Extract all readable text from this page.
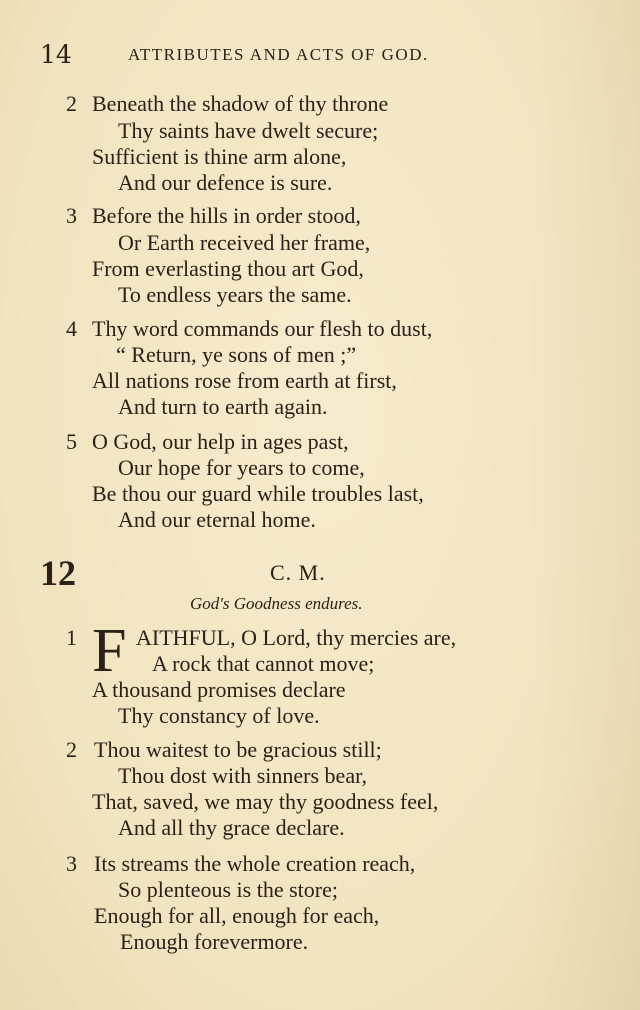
14	ATTRIBUTES AND ACTS OF GOD.
2 Beneath the shadow of thy throne
Thy saints have dwelt secure;
Sufficient is thine arm alone,
And our defence is sure.
3 Before the hills in order stood,
Or Earth received her frame,
From everlasting thou art God,
To endless years the same.
4 Thy word commands our flesh to dust,
“ Return, ye sons of men ;”
All nations rose from earth at first,
And turn to earth again.
5 O God, our help in ages past,
Our hope for years to come,
Be thou our guard while troubles last,
And our eternal home.
12	C. M.
God's Goodness endures.
1 F AITHFUL, O Lord, thy mercies are,
A rock that cannot move;
A thousand promises declare
Thy constancy of love.
2 Thou waitest to be gracious still;
Thou dost with sinners bear,
That, saved, we may thy goodness feel,
And all thy grace declare.
3 Its streams the whole creation reach,
So plenteous is the store;
Enough for all, enough for each,
Enough forevermore.
